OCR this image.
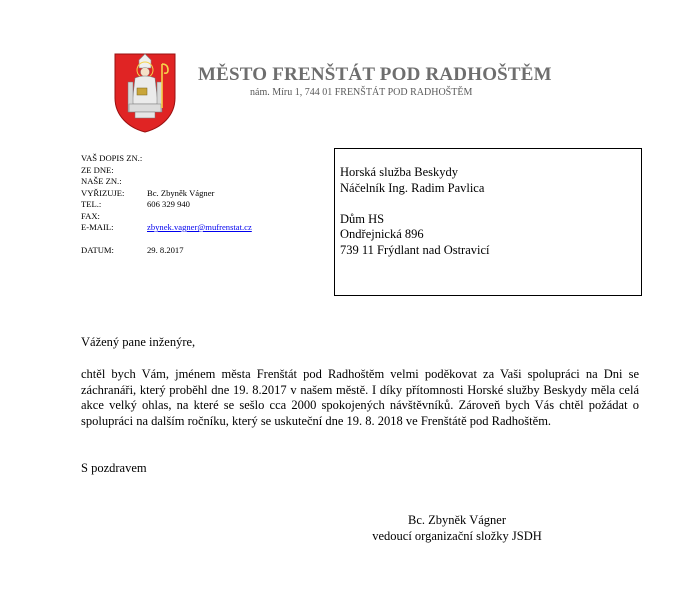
MĚSTO FRENŠTÁT POD RADHOŠTĚM
nám. Míru 1, 744 01 FRENŠTÁT POD RADHOŠTĚM
VAŠ DOPIS ZN.:
ZE DNE:
NAŠE ZN.:
VYŘIZUJE:	Bc. Zbyněk Vágner
TEL.:	606 329 940
FAX:
E-MAIL:	zbynek.vagner@mufrenstat.cz
DATUM:	29. 8.2017
Horská služba Beskydy
Náčelník Ing. Radim Pavlica
Dům HS
Ondřejnická 896
739 11 Frýdlant nad Ostravicí
Vážený pane inženýre,
chtěl bych Vám, jménem města Frenštát pod Radhoštěm velmi poděkovat za Vaši spolupráci na Dni se záchranáři, který proběhl dne 19. 8.2017 v našem městě. I díky přítomnosti Horské služby Beskydy měla celá akce velký ohlas, na které se sešlo cca 2000 spokojených návštěvníků. Zároveň bych Vás chtěl požádat o spolupráci na dalším ročníku, který se uskuteční dne 19. 8. 2018 ve Frenštátě pod Radhoštěm.
S pozdravem
Bc. Zbyněk Vágner
vedoucí organizační složky JSDH
